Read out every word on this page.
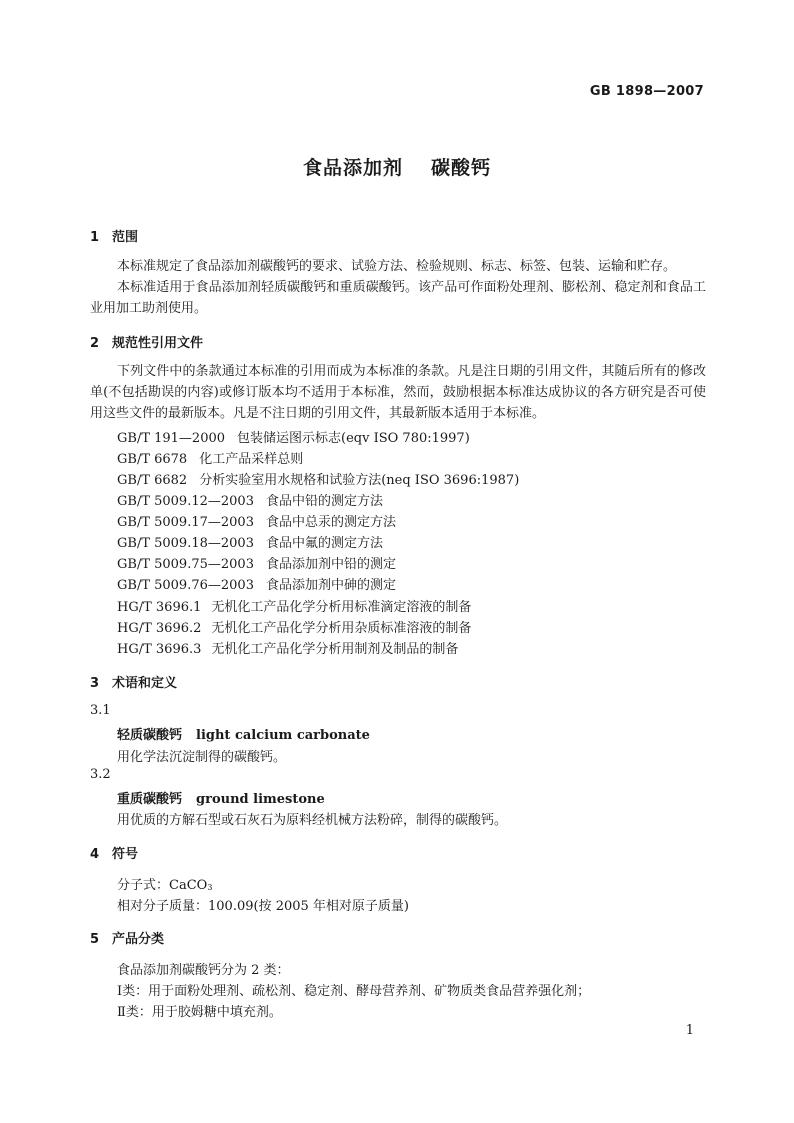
GB 1898—2007
食品添加剂 碳酸钙
1 范围
本标准规定了食品添加剂碳酸钙的要求、试验方法、检验规则、标志、标签、包装、运输和贮存。
本标准适用于食品添加剂轻质碳酸钙和重质碳酸钙。该产品可作面粉处理剂、膨松剂、稳定剂和食品工业用加工助剂使用。
2 规范性引用文件
下列文件中的条款通过本标准的引用而成为本标准的条款。凡是注日期的引用文件，其随后所有的修改单(不包括勘误的内容)或修订版本均不适用于本标准，然而，鼓励根据本标准达成协议的各方研究是否可使用这些文件的最新版本。凡是不注日期的引用文件，其最新版本适用于本标准。
GB/T 191—2000 包装储运图示标志(eqv ISO 780:1997)
GB/T 6678 化工产品采样总则
GB/T 6682 分析实验室用水规格和试验方法(neq ISO 3696:1987)
GB/T 5009.12—2003 食品中铅的测定方法
GB/T 5009.17—2003 食品中总汞的测定方法
GB/T 5009.18—2003 食品中氟的测定方法
GB/T 5009.75—2003 食品添加剂中铅的测定
GB/T 5009.76—2003 食品添加剂中砷的测定
HG/T 3696.1 无机化工产品化学分析用标准滴定溶液的制备
HG/T 3696.2 无机化工产品化学分析用杂质标准溶液的制备
HG/T 3696.3 无机化工产品化学分析用制剂及制品的制备
3 术语和定义
3.1
轻质碳酸钙 light calcium carbonate
用化学法沉淀制得的碳酸钙。
3.2
重质碳酸钙 ground limestone
用优质的方解石型或石灰石为原料经机械方法粉碎，制得的碳酸钙。
4 符号
分子式：CaCO$_3$
相对分子质量：100.09(按 2005 年相对原子质量)
5 产品分类
食品添加剂碳酸钙分为 2 类：
Ⅰ类：用于面粉处理剂、疏松剂、稳定剂、酵母营养剂、矿物质类食品营养强化剂；
Ⅱ类：用于胶姆糖中填充剂。
1
